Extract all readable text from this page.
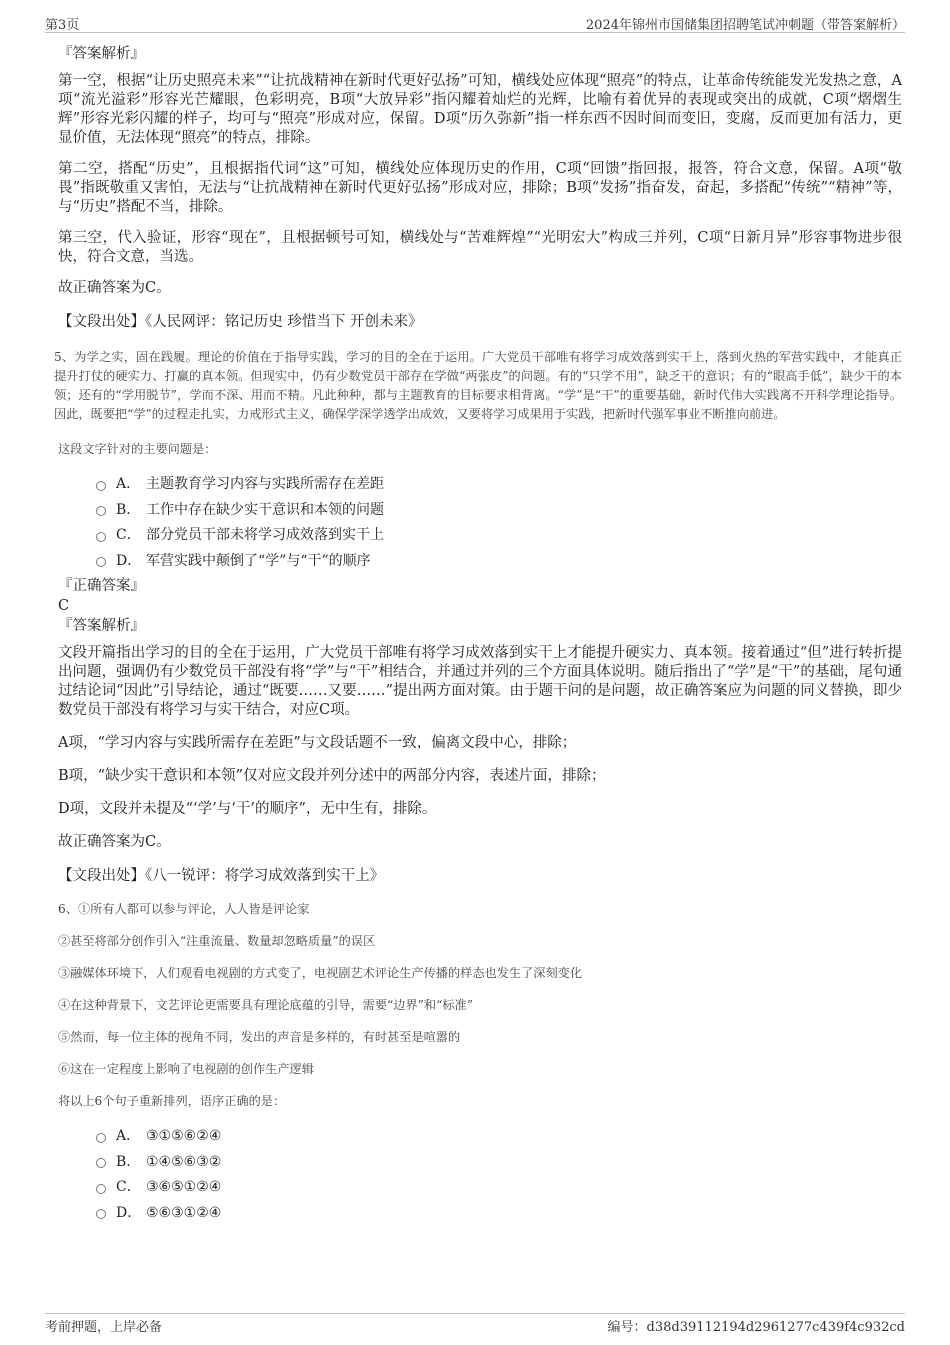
第3页	2024年锦州市国储集团招聘笔试冲刺题（带答案解析）

『答案解析』

第一空，根据“让历史照亮未来”“让抗战精神在新时代更好弘扬”可知，横线处应体现“照亮”的特点，让革命传统能发光发热之意，A项“流光溢彩”形容光芒耀眼，色彩明亮，B项“大放异彩”指闪耀着灿烂的光辉，比喻有着优异的表现或突出的成就，C项“熠熠生辉”形容光彩闪耀的样子，均可与“照亮”形成对应，保留。D项“历久弥新”指一样东西不因时间而变旧，变腐，反而更加有活力，更显价值，无法体现“照亮”的特点，排除。

第二空，搭配“历史”，且根据指代词“这”可知，横线处应体现历史的作用，C项“回馈”指回报，报答，符合文意，保留。A项“敬畏”指既敬重又害怕，无法与“让抗战精神在新时代更好弘扬”形成对应，排除；B项“发扬”指奋发，奋起，多搭配“传统”“精神”等，与“历史”搭配不当，排除。

第三空，代入验证，形容“现在”，且根据顿号可知，横线处与“苦难辉煌”“光明宏大”构成三并列，C项“日新月异”形容事物进步很快，符合文意，当选。

故正确答案为C。

【文段出处】《人民网评：铭记历史 珍惜当下 开创未来》

5、为学之实，固在践履。理论的价值在于指导实践，学习的目的全在于运用。广大党员干部唯有将学习成效落到实干上，落到火热的军营实践中，才能真正提升打仗的硬实力、打赢的真本领。但现实中，仍有少数党员干部存在学做“两张皮”的问题。有的“只学不用”，缺乏干的意识；有的“眼高手低”，缺少干的本领；还有的“学用脱节”，学而不深、用而不精。凡此种种，都与主题教育的目标要求相背离。“学”是“干”的重要基础，新时代伟大实践离不开科学理论指导。因此，既要把“学”的过程走扎实，力戒形式主义，确保学深学透学出成效，又要将学习成果用于实践，把新时代强军事业不断推向前进。

这段文字针对的主要问题是：

A． 主题教育学习内容与实践所需存在差距
B． 工作中存在缺少实干意识和本领的问题
C． 部分党员干部未将学习成效落到实干上
D． 军营实践中颠倒了“学”与“干”的顺序

『正确答案』

C

『答案解析』

文段开篇指出学习的目的全在于运用，广大党员干部唯有将学习成效落到实干上才能提升硬实力、真本领。接着通过“但”进行转折提出问题，强调仍有少数党员干部没有将“学”与“干”相结合，并通过并列的三个方面具体说明。随后指出了“学”是“干”的基础，尾句通过结论词“因此”引导结论，通过“既要……又要……”提出两方面对策。由于题干问的是问题，故正确答案应为问题的同义替换，即少数党员干部没有将学习与实干结合，对应C项。

A项，“学习内容与实践所需存在差距”与文段话题不一致，偏离文段中心，排除；

B项，“缺少实干意识和本领”仅对应文段并列分述中的两部分内容，表述片面，排除；

D项，文段并未提及“‘学’与‘干’的顺序”，无中生有，排除。

故正确答案为C。

【文段出处】《八一锐评：将学习成效落到实干上》

6、①所有人都可以参与评论，人人皆是评论家

②甚至将部分创作引入“注重流量、数量却忽略质量”的误区

③融媒体环境下，人们观看电视剧的方式变了，电视剧艺术评论生产传播的样态也发生了深刻变化

④在这种背景下，文艺评论更需要具有理论底蕴的引导，需要“边界”和“标准”

⑤然而，每一位主体的视角不同，发出的声音是多样的，有时甚至是喧嚣的

⑥这在一定程度上影响了电视剧的创作生产逻辑

将以上6个句子重新排列，语序正确的是：

A． ③①⑤⑥②④
B． ①④⑤⑥③②
C． ③⑥⑤①②④
D． ⑤⑥③①②④
考前押题，上岸必备	编号：d38d39112194d2961277c439f4c932cd
